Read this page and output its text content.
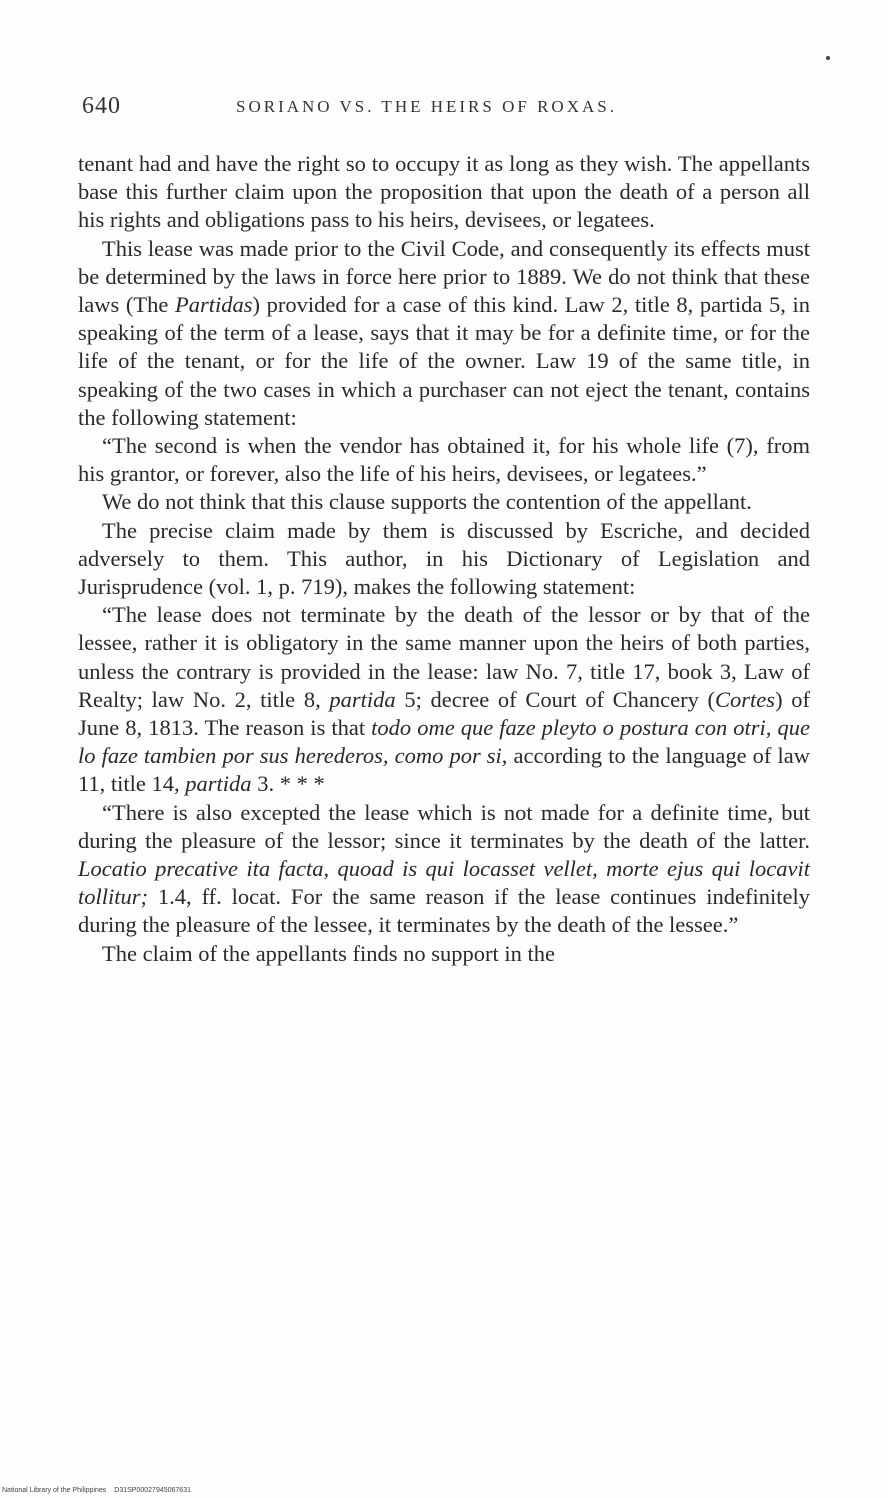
640	SORIANO VS. THE HEIRS OF ROXAS.

tenant had and have the right so to occupy it as long as they wish. The appellants base this further claim upon the proposition that upon the death of a person all his rights and obligations pass to his heirs, devisees, or legatees.

This lease was made prior to the Civil Code, and consequently its effects must be determined by the laws in force here prior to 1889. We do not think that these laws (The Partidas) provided for a case of this kind. Law 2, title 8, partida 5, in speaking of the term of a lease, says that it may be for a definite time, or for the life of the tenant, or for the life of the owner. Law 19 of the same title, in speaking of the two cases in which a purchaser can not eject the tenant, contains the following statement:

“The second is when the vendor has obtained it, for his whole life (7), from his grantor, or forever, also the life of his heirs, devisees, or legatees.”

We do not think that this clause supports the contention of the appellant.

The precise claim made by them is discussed by Escriche, and decided adversely to them. This author, in his Dictionary of Legislation and Jurisprudence (vol. 1, p. 719), makes the following statement:

“The lease does not terminate by the death of the lessor or by that of the lessee, rather it is obligatory in the same manner upon the heirs of both parties, unless the contrary is provided in the lease: law No. 7, title 17, book 3, Law of Realty; law No. 2, title 8, partida 5; decree of Court of Chancery (Cortes) of June 8, 1813. The reason is that todo ome que faze pleyto o postura con otri, que lo faze tambien por sus herederos, como por si, according to the language of law 11, title 14, partida 3. * * *

“There is also excepted the lease which is not made for a definite time, but during the pleasure of the lessor; since it terminates by the death of the latter. Locatio precative ita facta, quoad is qui locasset vellet, morte ejus qui locavit tollitur; 1.4, ff. locat. For the same reason if the lease continues indefinitely during the pleasure of the lessee, it terminates by the death of the lessee.”

The claim of the appellants finds no support in the

National Library of the Philippines D31SP00027945067631
